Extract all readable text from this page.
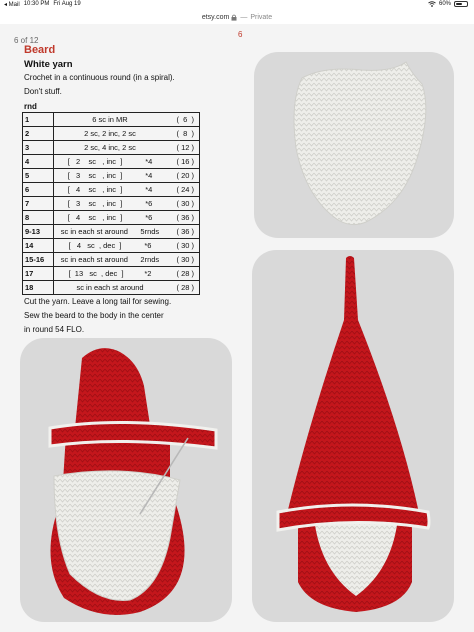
◂ Mail 10:30 PM Fri Aug 19	60%
etsy.com — Private
6 of 12
6
Beard
White yarn
Crochet in a continuous round (in a spiral).
Don't stuff.
rnd
1	6 sc in MR (  6  )

2	2 sc, 2 inc, 2 sc (  8  )

3	2 sc, 4 inc, 2 sc ( 12 )

4	[   2    sc   , inc  ]           *4 ( 16 )

5	[   3    sc   , inc  ]           *4 ( 20 )

6	[   4    sc   , inc  ]           *4 ( 24 )

7	[   3    sc   , inc  ]           *6 ( 30 )

8	[   4    sc   , inc  ]           *6 ( 36 )

9-13	sc in each st around      5rnds ( 36 )

14	[   4   sc  , dec  ]           *6 ( 30 )

15-16	sc in each st around      2rnds ( 30 )

17	[  13   sc  , dec  ]          *2 ( 28 )

18	sc in each st around ( 28 )
Cut the yarn. Leave a long tail for sewing.
Sew the beard to the body in the center
in round 54 FLO.
